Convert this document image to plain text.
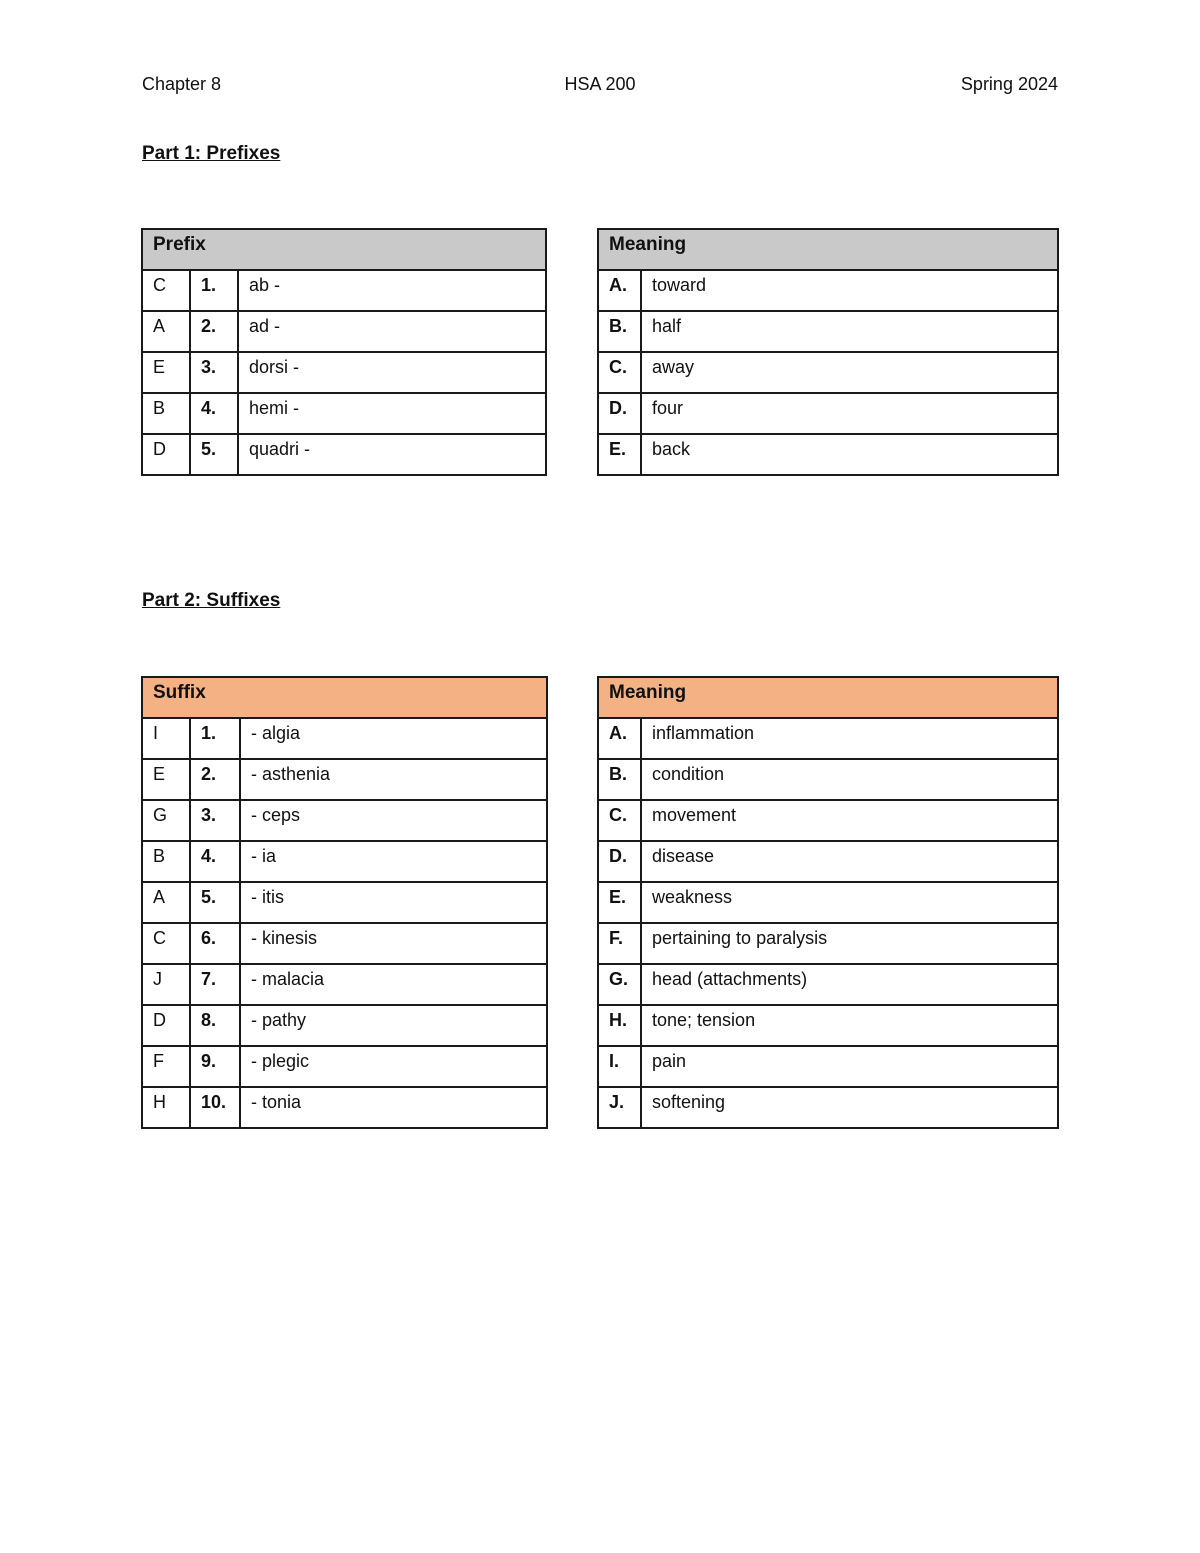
Chapter 8	HSA 200	Spring 2024
Part 1: Prefixes
Prefix		
C	1.	ab -
A	2.	ad -
E	3.	dorsi -
B	4.	hemi -
D	5.	quadri -
Meaning	
A.	toward
B.	half
C.	away
D.	four
E.	back
Part 2: Suffixes
Suffix		
I	1.	- algia
E	2.	- asthenia
G	3.	- ceps
B	4.	- ia
A	5.	- itis
C	6.	- kinesis
J	7.	- malacia
D	8.	- pathy
F	9.	- plegic
H	10.	- tonia
Meaning	
A.	inflammation
B.	condition
C.	movement
D.	disease
E.	weakness
F.	pertaining to paralysis
G.	head (attachments)
H.	tone; tension
I.	pain
J.	softening
